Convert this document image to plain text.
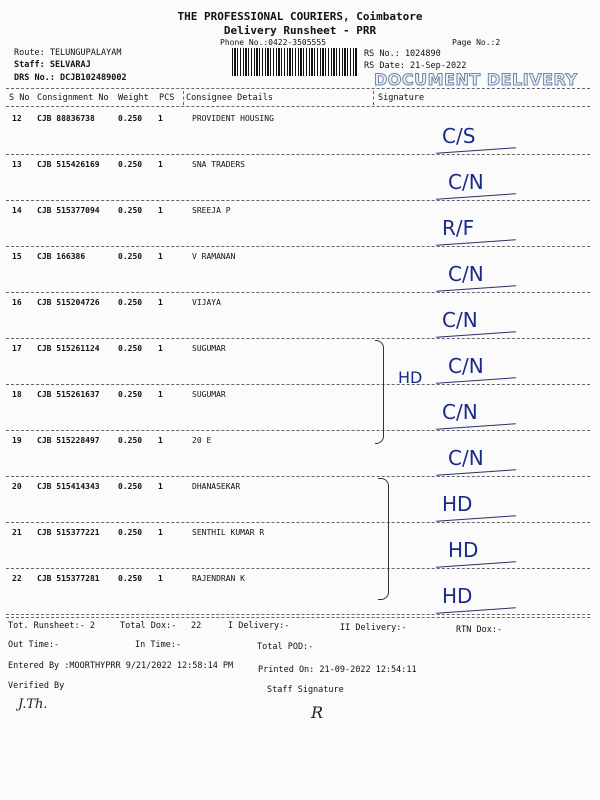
THE PROFESSIONAL COURIERS, Coimbatore
Delivery Runsheet - PRR
Phone No.:0422-3505555	Page No.:2
Route: TELUNGUPALAYAM
Staff: SELVARAJ
DRS No.: DCJB102489002
RS No.: 1024890
RS Date: 21-Sep-2022
DOCUMENT DELIVERY
S No Consignment No Weight PCS Consignee Details	Signature
12 CJB 88836738	0.250 1	PROVIDENT HOUSING
C/S
13 CJB 515426169 0.250 1	SNA TRADERS
C/N
14 CJB 515377094 0.250 1	SREEJA P
R/F
15 CJB 166386	0.250 1	V RAMANAN
C/N
16 CJB 515204726 0.250 1	VIJAYA
C/N
17 CJB 515261124 0.250 1	SUGUMAR
C/N
18 CJB 515261637 0.250 1	SUGUMAR
C/N
19 CJB 515228497 0.250 1	20 E
C/N
20 CJB 515414343 0.250 1	DHANASEKAR
HD
21 CJB 515377221 0.250 1	SENTHIL KUMAR R
HD
22 CJB 515377281 0.250 1	RAJENDRAN K
HD
HD
Tot. Runsheet:- 2	Total Dox:- 22	I Delivery:-	II Delivery:-	RTN Dox:-
Out Time:-	In Time:-	Total POD:-
Entered By :MOORTHYPRR 9/21/2022 12:58:14 PM	Printed On: 21-09-2022 12:54:11
Verified By	Staff Signature
J.Th.	R
